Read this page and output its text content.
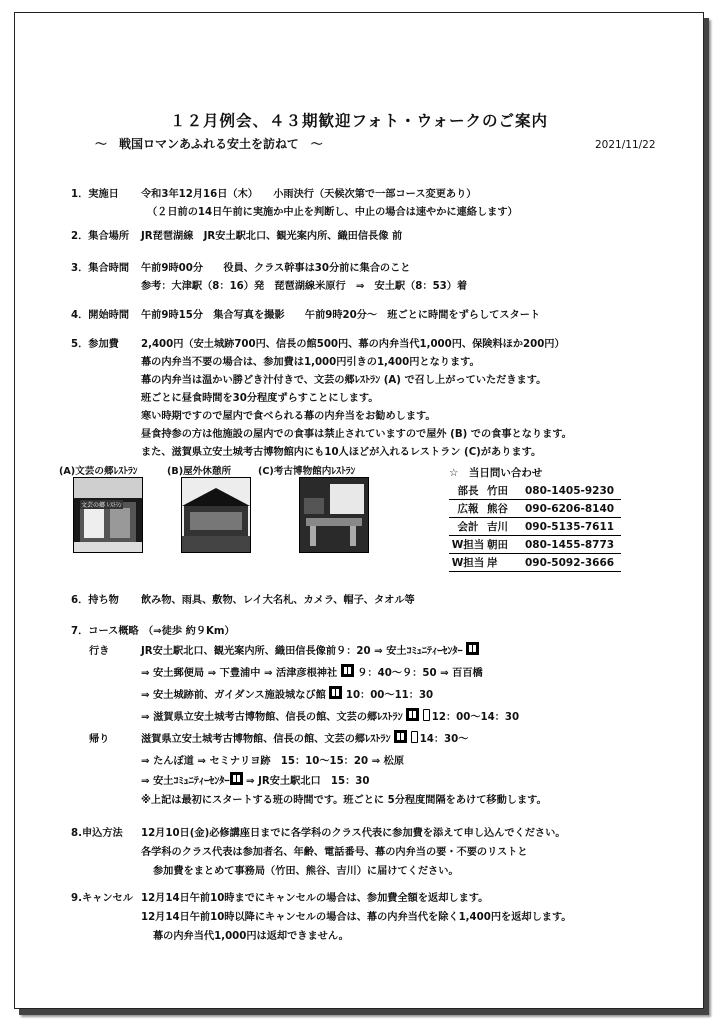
１２月例会、４３期歓迎フォト・ウォークのご案内
～　戦国ロマンあふれる安土を訪ねて　～	2021/11/22
1．実施日 令和3年12月16日（木）　　小雨決行（天候次第で一部コース変更あり）
（２日前の14日午前に実施か中止を判断し、中止の場合は速やかに連絡します）
2．集合場所 JR琵琶湖線　JR安土駅北口、観光案内所、織田信長像 前
3．集合時間 午前9時00分　　役員、クラス幹事は30分前に集合のこと
参考：大津駅（8：16）発　琵琶湖線米原行　⇒　安土駅（8：53）着
4．開始時間 午前9時15分　集合写真を撮影　　午前9時20分～　班ごとに時間をずらしてスタート
5．参加費 2,400円（安土城跡700円、信長の館500円、幕の内弁当代1,000円、保険料ほか200円）
幕の内弁当不要の場合は、参加費は1,000円引きの1,400円となります。
幕の内弁当は温かい勝どき汁付きで、文芸の郷ﾚｽﾄﾗﾝ (A) で召し上がっていただきます。
班ごとに昼食時間を30分程度ずらすことにします。
寒い時期ですので屋内で食べられる幕の内弁当をお勧めします。
昼食持参の方は他施設の屋内での食事は禁止されていますので屋外 (B) での食事となります。
また、滋賀県立安土城考古博物館内にも10人ほどが入れるレストラン (C)があります。
(A)文芸の郷ﾚｽﾄﾗﾝ	(B)屋外休憩所	(C)考古博物館内ﾚｽﾄﾗﾝ
文芸の郷 ﾚｽﾄﾗﾝ
☆　当日問い合わせ
部長 竹田 080-1405-9230
広報 熊谷 090-6206-8140
会計 吉川 090-5135-7611
W担当 朝田 080-1455-8773
W担当 岸	090-5092-3666
6．持ち物 飲み物、雨具、敷物、レイ大名札、カメラ、帽子、タオル等
7．コース概略 （⇒徒歩 約９Km）
行き	JR安土駅北口、観光案内所、織田信長像前９：20 ⇒ 安土ｺﾐｭﾆﾃｨｰｾﾝﾀｰ
⇒ 安土郵便局 ⇒ 下豊浦中 ⇒ 活津彦根神社 ９：40～９：50 ⇒ 百百橋
⇒ 安土城跡前、ガイダンス施設城なび館 10：00～11：30
⇒ 滋賀県立安土城考古博物館、信長の館、文芸の郷ﾚｽﾄﾗﾝ	12：00～14：30
帰り	滋賀県立安土城考古博物館、信長の館、文芸の郷ﾚｽﾄﾗﾝ	14：30～
⇒ たんぼ道 ⇒ セミナリヨ跡　15：10～15：20 ⇒ 松原
⇒ 安土ｺﾐｭﾆﾃｨｰｾﾝﾀｰ ⇒ JR安土駅北口　15：30
※上記は最初にスタートする班の時間です。班ごとに 5分程度間隔をあけて移動します。
8.申込方法 12月10日(金)必修講座日までに各学科のクラス代表に参加費を添えて申し込んでください。
各学科のクラス代表は参加者名、年齢、電話番号、幕の内弁当の要・不要のリストと
参加費をまとめて事務局（竹田、熊谷、吉川）に届けてください。
9.キャンセル 12月14日午前10時までにキャンセルの場合は、参加費全額を返却します。
12月14日午前10時以降にキャンセルの場合は、幕の内弁当代を除く1,400円を返却します。
幕の内弁当代1,000円は返却できません。
